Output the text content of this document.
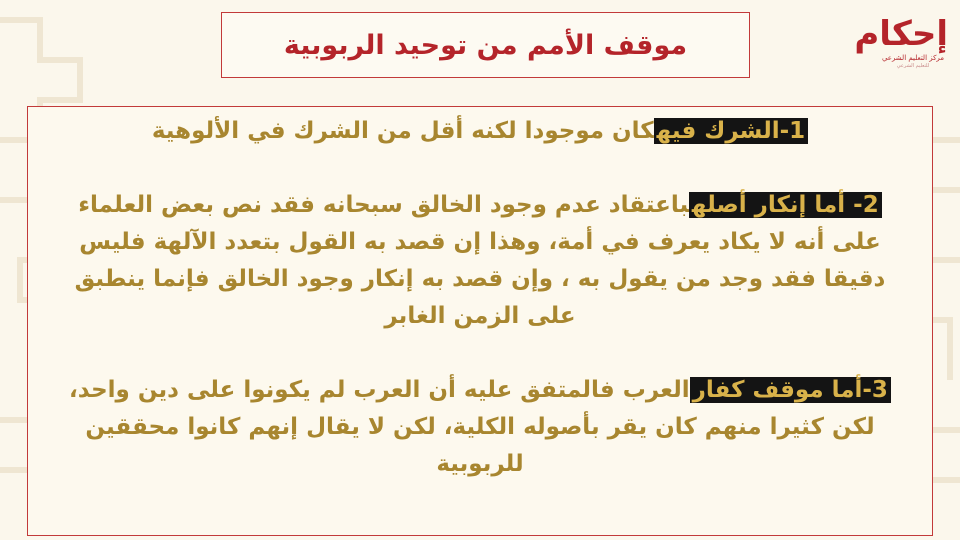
موقف الأمم من توحيد الربوبية	إحكام
مركز التعليم الشرعي
للتعليم الشرعي

1-الشرك فيهكان موجودا لكنه أقل من الشرك في الألوهية

2- أما إنكار أصلهباعتقاد عدم وجود الخالق سبحانه فقد نص بعض العلماء على أنه لا يكاد يعرف في أمة، وهذا إن قصد به القول بتعدد الآلهة فليس دقيقا فقد وجد من يقول به ، وإن قصد به إنكار وجود الخالق فإنما ينطبق على الزمن الغابر

3-أما موقف كفارالعرب فالمتفق عليه أن العرب لم يكونوا على دين واحد، لكن كثيرا منهم كان يقر بأصوله الكلية، لكن لا يقال إنهم كانوا محققين للربوبية
